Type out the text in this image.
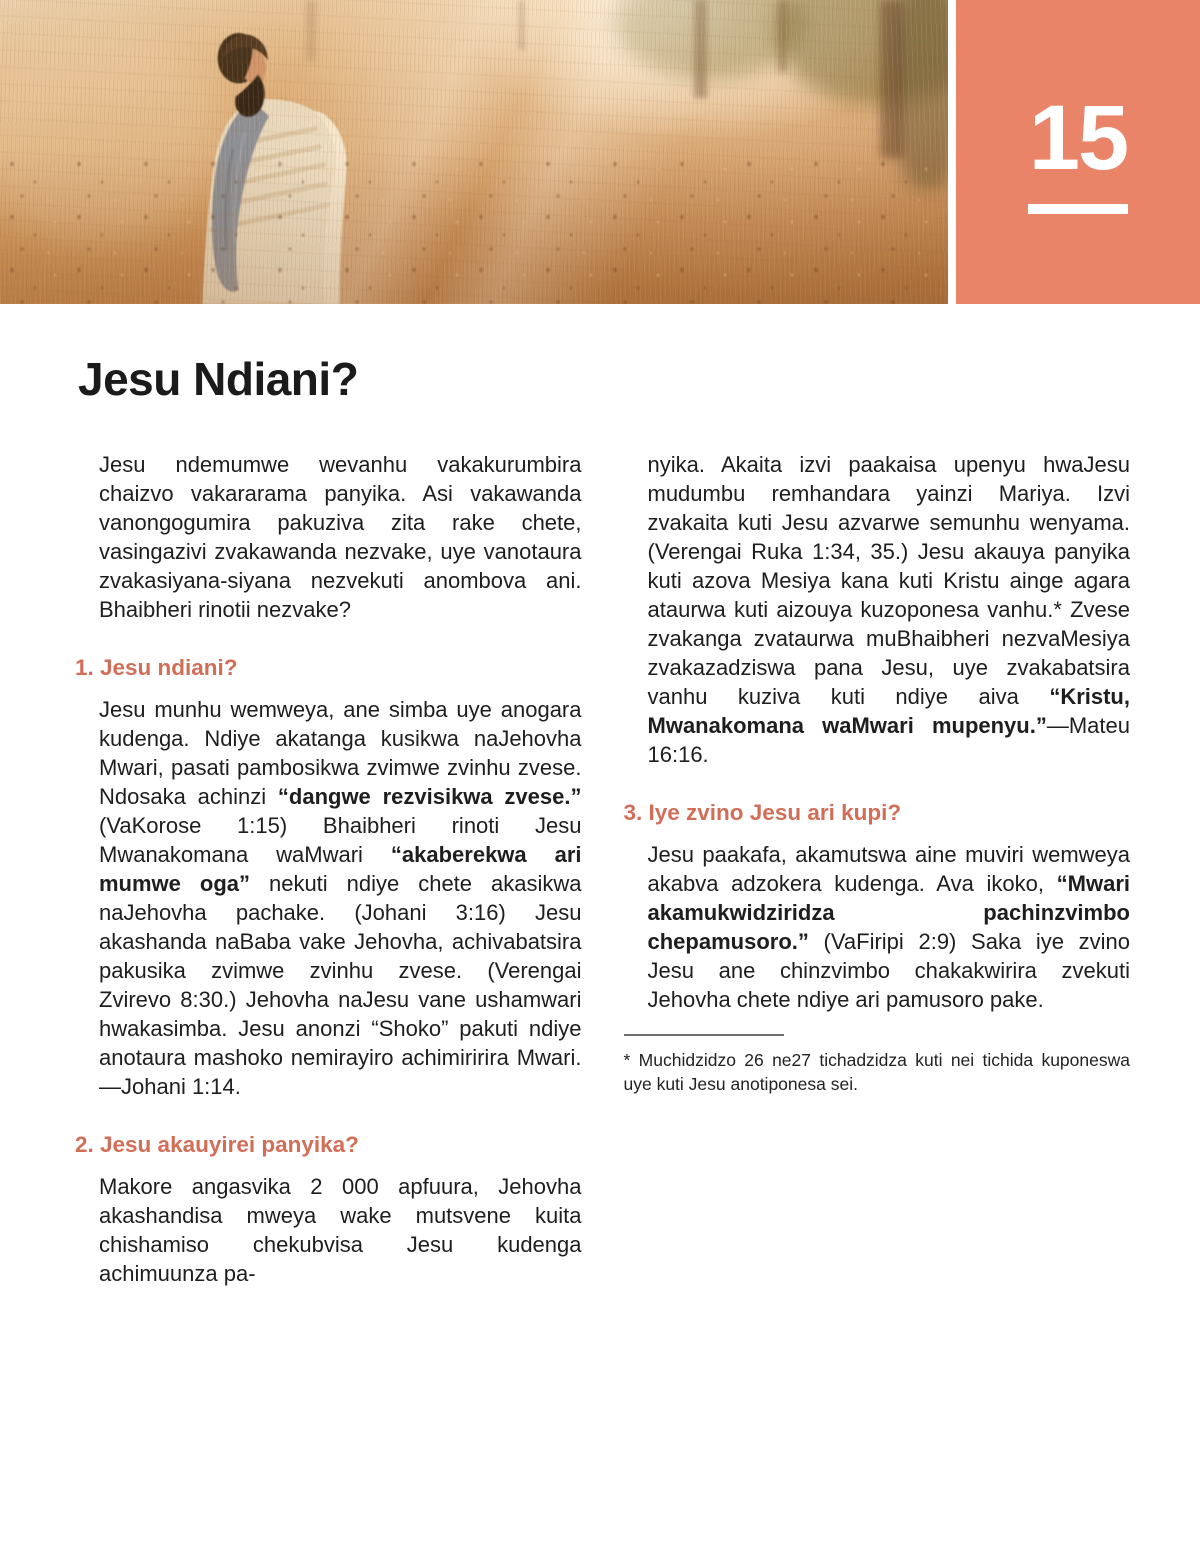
15
Jesu Ndiani?

Jesu ndemumwe wevanhu vakakurumbira chaizvo vakararama panyika. Asi vakawanda vanongogumira pakuziva zita rake chete, vasingazivi zvakawanda nezvake, uye vanotaura zvakasiyana-siyana nezvekuti anombova ani. Bhaibheri rinotii nezvake?

1. Jesu ndiani?

Jesu munhu wemweya, ane simba uye anogara kudenga. Ndiye akatanga kusikwa naJehovha Mwari, pasati pambosikwa zvimwe zvinhu zvese. Ndosaka achinzi “dangwe rezvisikwa zvese.” (VaKorose 1:15) Bhaibheri rinoti Jesu Mwanakomana waMwari “akaberekwa ari mumwe oga” nekuti ndiye chete akasikwa naJehovha pachake. (Johani 3:16) Jesu akashanda naBaba vake Jehovha, achivabatsira pakusika zvimwe zvinhu zvese. (Verengai Zvirevo 8:30.) Jehovha naJesu vane ushamwari hwakasimba. Jesu anonzi “Shoko” pakuti ndiye anotaura mashoko nemirayiro achimiririra Mwari.—Johani 1:14.

2. Jesu akauyirei panyika?

Makore angasvika 2 000 apfuura, Jehovha akashandisa mweya wake mutsvene kuita chishamiso chekubvisa Jesu kudenga achimuunza pa-

nyika. Akaita izvi paakaisa upenyu hwaJesu mudumbu remhandara yainzi Mariya. Izvi zvakaita kuti Jesu azvarwe semunhu wenyama. (Verengai Ruka 1:34, 35.) Jesu akauya panyika kuti azova Mesiya kana kuti Kristu ainge agara ataurwa kuti aizouya kuzoponesa vanhu.* Zvese zvakanga zvataurwa muBhaibheri nezvaMesiya zvakazadziswa pana Jesu, uye zvakabatsira vanhu kuziva kuti ndiye aiva “Kristu, Mwanakomana waMwari mupenyu.”—Mateu 16:16.

3. Iye zvino Jesu ari kupi?

Jesu paakafa, akamutswa aine muviri wemweya akabva adzokera kudenga. Ava ikoko, “Mwari akamukwidziridza pachinzvimbo chepamusoro.” (VaFiripi 2:9) Saka iye zvino Jesu ane chinzvimbo chakakwirira zvekuti Jehovha chete ndiye ari pamusoro pake.

* Muchidzidzo 26 ne27 tichadzidza kuti nei tichida kuponeswa uye kuti Jesu anotiponesa sei.
